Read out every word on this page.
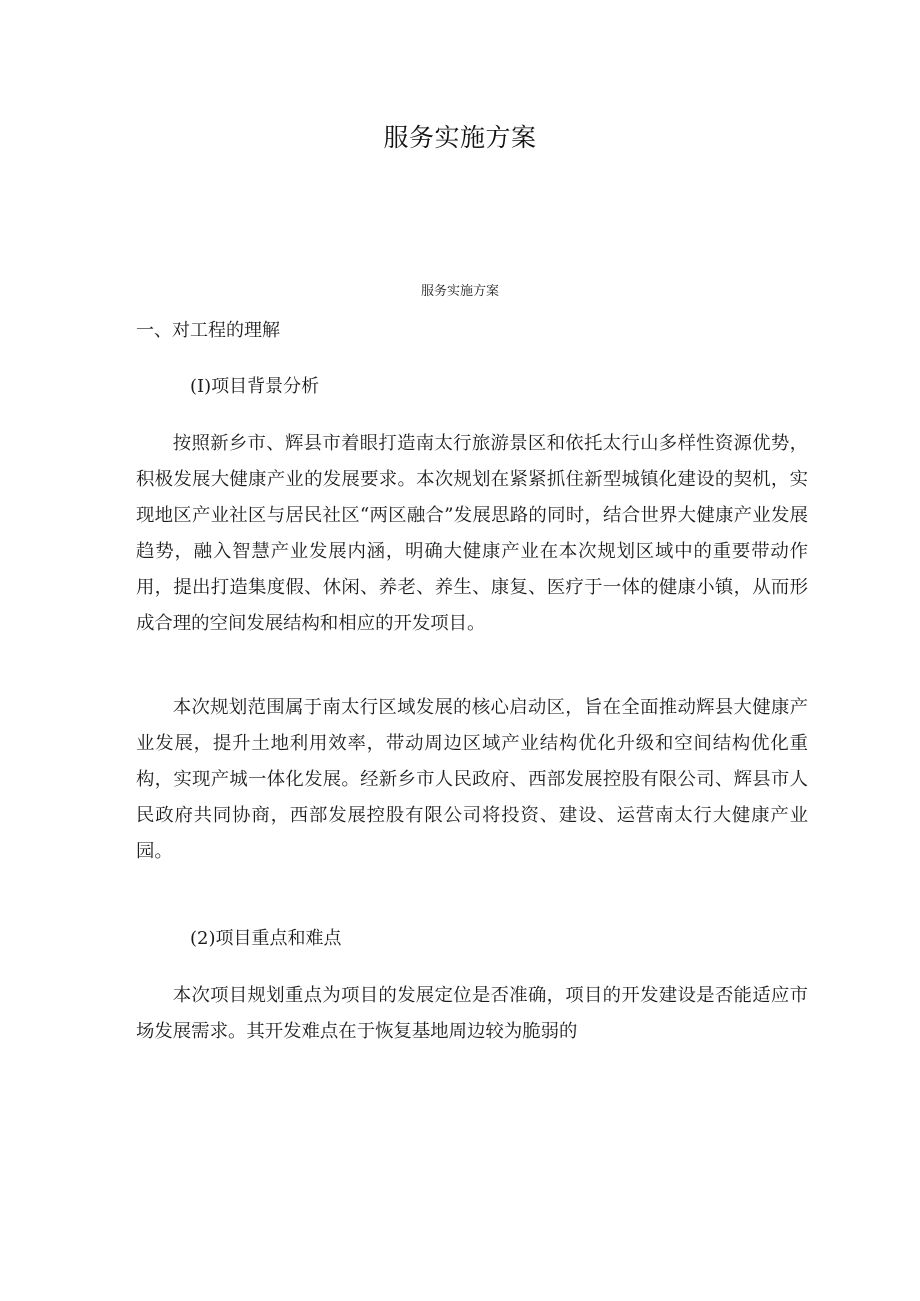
服务实施方案
服务实施方案
一、对工程的理解
(I)项目背景分析

按照新乡市、辉县市着眼打造南太行旅游景区和依托太行山多样性资源优势，积极发展大健康产业的发展要求。本次规划在紧紧抓住新型城镇化建设的契机，实现地区产业社区与居民社区“两区融合”发展思路的同时，结合世界大健康产业发展趋势，融入智慧产业发展内涵，明确大健康产业在本次规划区域中的重要带动作用，提出打造集度假、休闲、养老、养生、康复、医疗于一体的健康小镇，从而形成合理的空间发展结构和相应的开发项目。

本次规划范围属于南太行区域发展的核心启动区，旨在全面推动辉县大健康产业发展，提升土地利用效率，带动周边区域产业结构优化升级和空间结构优化重构，实现产城一体化发展。经新乡市人民政府、西部发展控股有限公司、辉县市人民政府共同协商，西部发展控股有限公司将投资、建设、运营南太行大健康产业园。

(2)项目重点和难点

本次项目规划重点为项目的发展定位是否准确，项目的开发建设是否能适应市场发展需求。其开发难点在于恢复基地周边较为脆弱的
